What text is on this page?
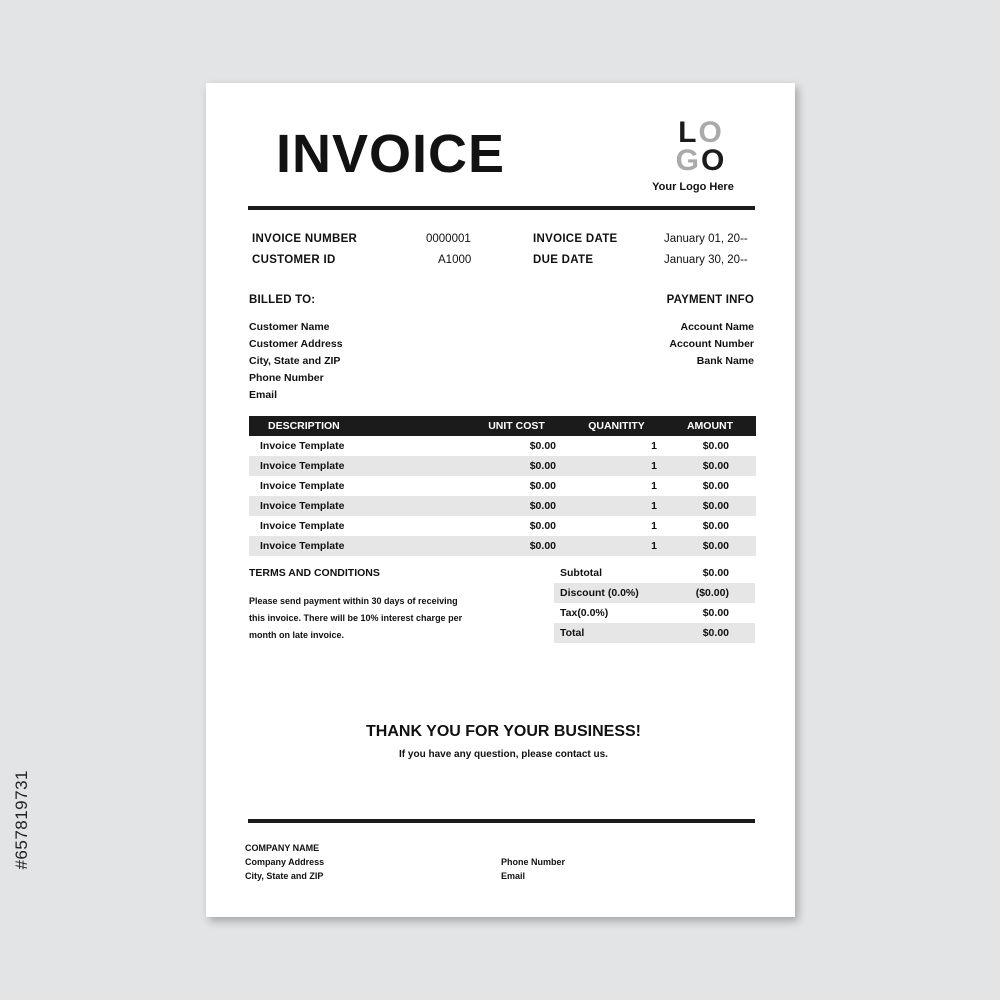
#657819731
INVOICE	LO
GO
Your Logo Here
INVOICE NUMBER	0000001
CUSTOMER ID	A1000
INVOICE DATE	January 01, 20--
DUE DATE	January 30, 20--
BILLED TO:
Customer Name
Customer Address
City, State and ZIP
Phone Number
Email
PAYMENT INFO
Account Name
Account Number
Bank Name
DESCRIPTION	UNIT COST	QUANITITY	AMOUNT
Invoice Template	$0.00	1	$0.00
Invoice Template	$0.00	1	$0.00
Invoice Template	$0.00	1	$0.00
Invoice Template	$0.00	1	$0.00
Invoice Template	$0.00	1	$0.00
Invoice Template	$0.00	1	$0.00
TERMS AND CONDITIONS
Please send payment within 30 days of receiving
this invoice. There will be 10% interest charge per
month on late invoice.
Subtotal	$0.00
Discount (0.0%)	($0.00)
Tax(0.0%)	$0.00
Total	$0.00
THANK YOU FOR YOUR BUSINESS!
If you have any question, please contact us.
COMPANY NAME
Company Address
City, State and ZIP
Phone Number
Email
